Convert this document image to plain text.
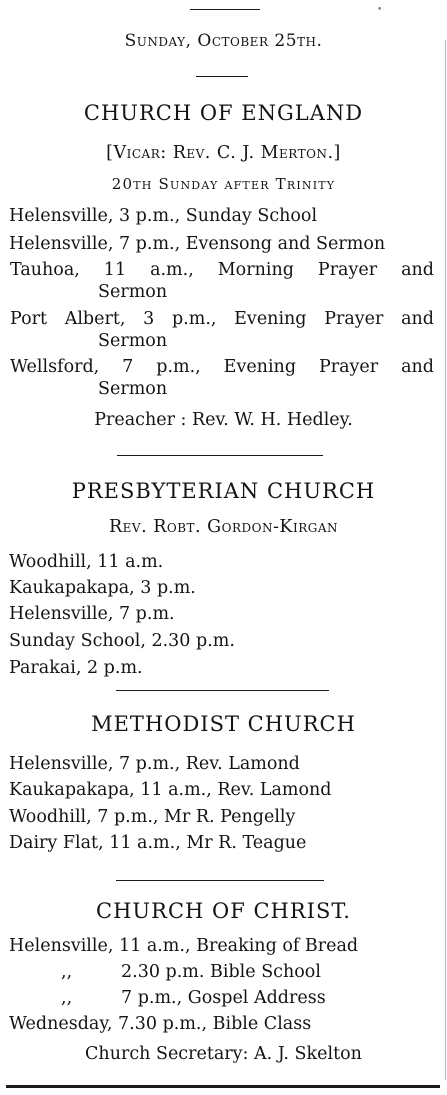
•
Sunday, October 25th.
CHURCH OF ENGLAND
[Vicar: Rev. C. J. Merton.]
20th Sunday after Trinity
Helensville, 3 p.m., Sunday School
Helensville, 7 p.m., Evensong and Sermon
Tauhoa, 11 a.m., Morning Prayer and
Sermon
Port Albert, 3 p.m., Evening Prayer and
Sermon
Wellsford, 7 p.m., Evening Prayer and
Sermon
Preacher : Rev. W. H. Hedley.
PRESBYTERIAN CHURCH
Rev. Robt. Gordon-Kirgan
Woodhill, 11 a.m.
Kaukapakapa, 3 p.m.
Helensville, 7 p.m.
Sunday School, 2.30 p.m.
Parakai, 2 p.m.
METHODIST CHURCH
Helensville, 7 p.m., Rev. Lamond
Kaukapakapa, 11 a.m., Rev. Lamond
Woodhill, 7 p.m., Mr R. Pengelly
Dairy Flat, 11 a.m., Mr R. Teague
CHURCH OF CHRIST.
Helensville, 11 a.m., Breaking of Bread
,,	2.30 p.m. Bible School
,,	7 p.m., Gospel Address
Wednesday, 7.30 p.m., Bible Class
Church Secretary: A. J. Skelton
